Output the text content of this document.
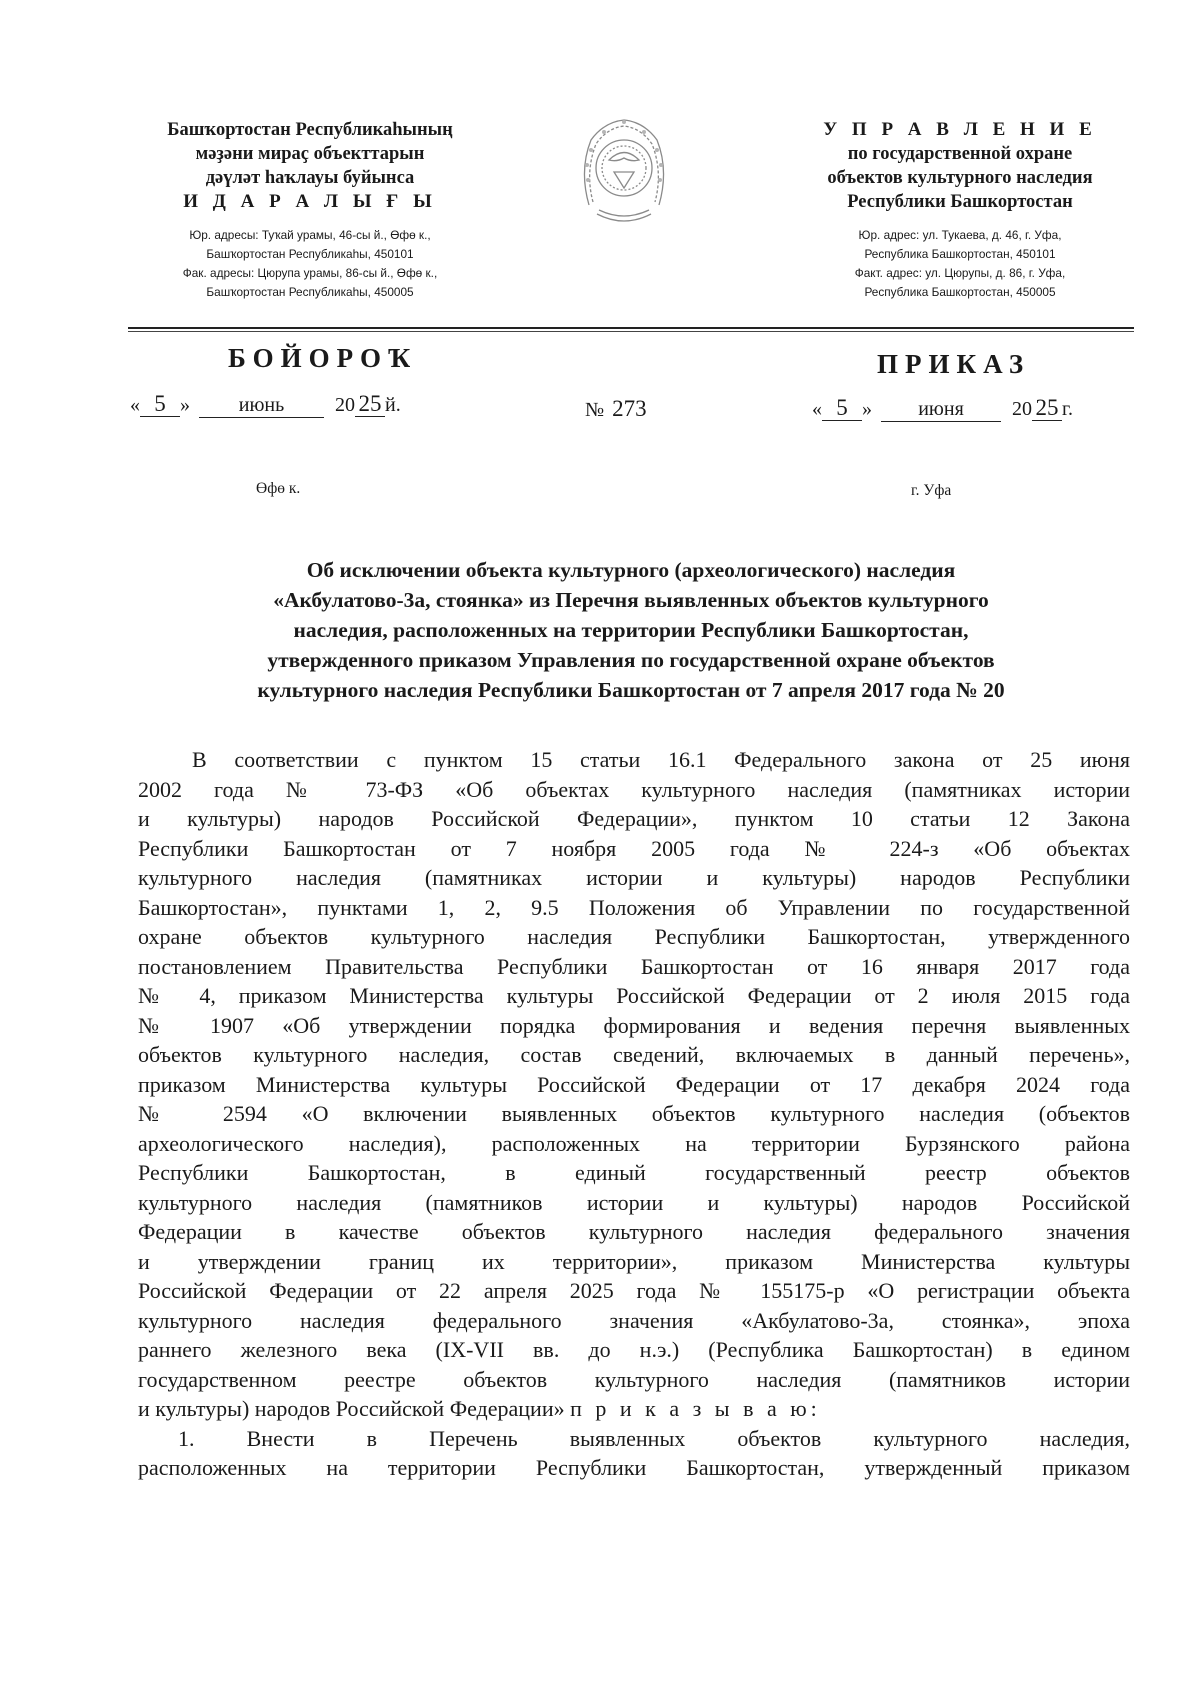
Башҡортостан Республикаһының
мәҙәни мираҫ объекттарын
дәүләт һаҡлауы буйынса
И Д А Р А Л Ы Ғ Ы
Юр. адресы: Туҡай урамы, 46-сы й., Өфө к.,
Башҡортостан Республикаһы, 450101
Фак. адресы: Цюрупа урамы, 86-сы й., Өфө к.,
Башҡортостан Республикаһы, 450005
У П Р А В Л Е Н И Е
по государственной охране
объектов культурного наследия
Республики Башкортостан
Юр. адрес: ул. Тукаева, д. 46, г. Уфа,
Республика Башкортостан, 450101
Факт. адрес: ул. Цюрупы, д. 86, г. Уфа,
Республика Башкортостан, 450005
БОЙОРОҠ	ПРИКАЗ
« 5 » июнь	20 25 й.	№ 273	« 5 » июня 20 25 г.
Өфө к.	г. Уфа
Об исключении объекта культурного (археологического) наследия
«Акбулатово-3а, стоянка» из Перечня выявленных объектов культурного
наследия, расположенных на территории Республики Башкортостан,
утвержденного приказом Управления по государственной охране объектов
культурного наследия Республики Башкортостан от 7 апреля 2017 года № 20
В соответствии с пунктом 15 статьи 16.1 Федерального закона от 25 июня
2002 года № 73-ФЗ «Об объектах культурного наследия (памятниках истории
и культуры) народов Российской Федерации», пунктом 10 статьи 12 Закона
Республики Башкортостан от 7 ноября 2005 года № 224-з «Об объектах
культурного наследия (памятниках истории и культуры) народов Республики
Башкортостан», пунктами 1, 2, 9.5 Положения об Управлении по государственной
охране объектов культурного наследия Республики Башкортостан, утвержденного
постановлением Правительства Республики Башкортостан от 16 января 2017 года
№ 4, приказом Министерства культуры Российской Федерации от 2 июля 2015 года
№ 1907 «Об утверждении порядка формирования и ведения перечня выявленных
объектов культурного наследия, состав сведений, включаемых в данный перечень»,
приказом Министерства культуры Российской Федерации от 17 декабря 2024 года
№ 2594 «О включении выявленных объектов культурного наследия (объектов
археологического наследия), расположенных на территории Бурзянского района
Республики Башкортостан, в единый государственный реестр объектов
культурного наследия (памятников истории и культуры) народов Российской
Федерации в качестве объектов культурного наследия федерального значения
и утверждении границ их территории», приказом Министерства культуры
Российской Федерации от 22 апреля 2025 года № 155175-р «О регистрации объекта
культурного наследия федерального значения «Акбулатово-3а, стоянка», эпоха
раннего железного века (IX-VII вв. до н.э.) (Республика Башкортостан) в едином
государственном реестре объектов культурного наследия (памятников истории
и культуры) народов Российской Федерации» п р и к а з ы в а ю:
1. Внести в Перечень выявленных объектов культурного наследия,
расположенных на территории Республики Башкортостан, утвержденный приказом
